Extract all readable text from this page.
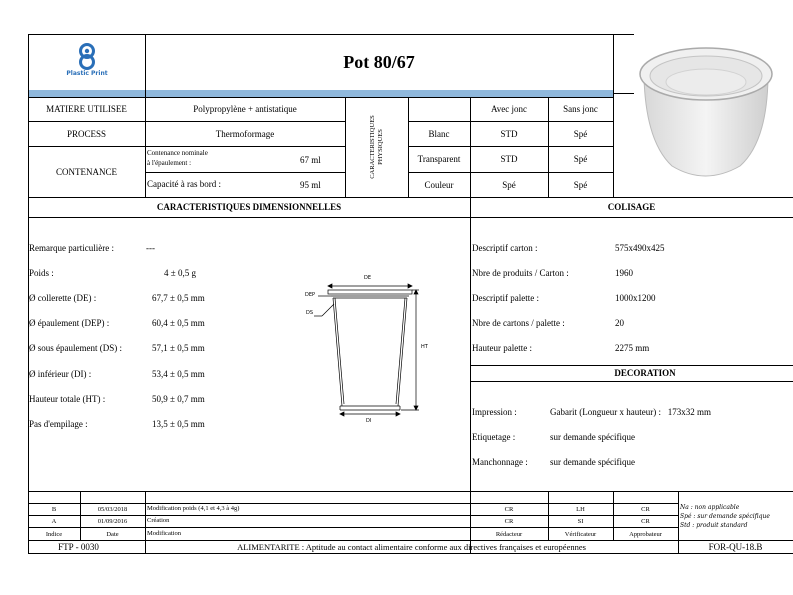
Plastic Print
Pot 80/67
MATIERE UTILISEE	Polypropylène + antistatique
PROCESS	Thermoformage
CONTENANCE
Contenance nominale
à l'épaulement :	67 ml
Capacité à ras bord :	95 ml
CARACTERISTIQUES PHYSIQUES
Avec jonc	Sans jonc
Blanc	STD	Spé
Transparent	STD	Spé
Couleur	Spé	Spé
CARACTERISTIQUES DIMENSIONNELLES	COLISAGE
Remarque particulière :	---
Poids :	4 ± 0,5 g
Ø collerette (DE) :	67,7 ± 0,5 mm
Ø épaulement (DEP) :	60,4 ± 0,5 mm
Ø sous épaulement (DS) :	57,1 ± 0,5 mm
Ø inférieur (DI) :	53,4 ± 0,5 mm
Hauteur totale (HT) :	50,9 ± 0,7 mm
Pas d'empilage :	13,5 ± 0,5 mm
DE
DEP
DS
HT
DI
Descriptif carton :	575x490x425
Nbre de produits / Carton :	1960
Descriptif palette :	1000x1200
Nbre de cartons / palette :	20
Hauteur palette :	2275 mm
DECORATION
Impression :	Gabarit (Longueur x hauteur) :   173x32 mm
Etiquetage :	sur demande spécifique
Manchonnage : sur demande spécifique
B	05/03/2018	Modification poids (4,1 et 4,3 à 4g)	CR	LH	CR
A	01/09/2016	Création	CR	SI	CR
Indice	Date	Modification	Rédacteur	Vérificateur	Approbateur
Na : non applicable
Spé : sur demande spécifique
Std : produit standard
FTP - 0030	ALIMENTARITE : Aptitude au contact alimentaire conforme aux directives françaises et européennes	FOR-QU-18.B
